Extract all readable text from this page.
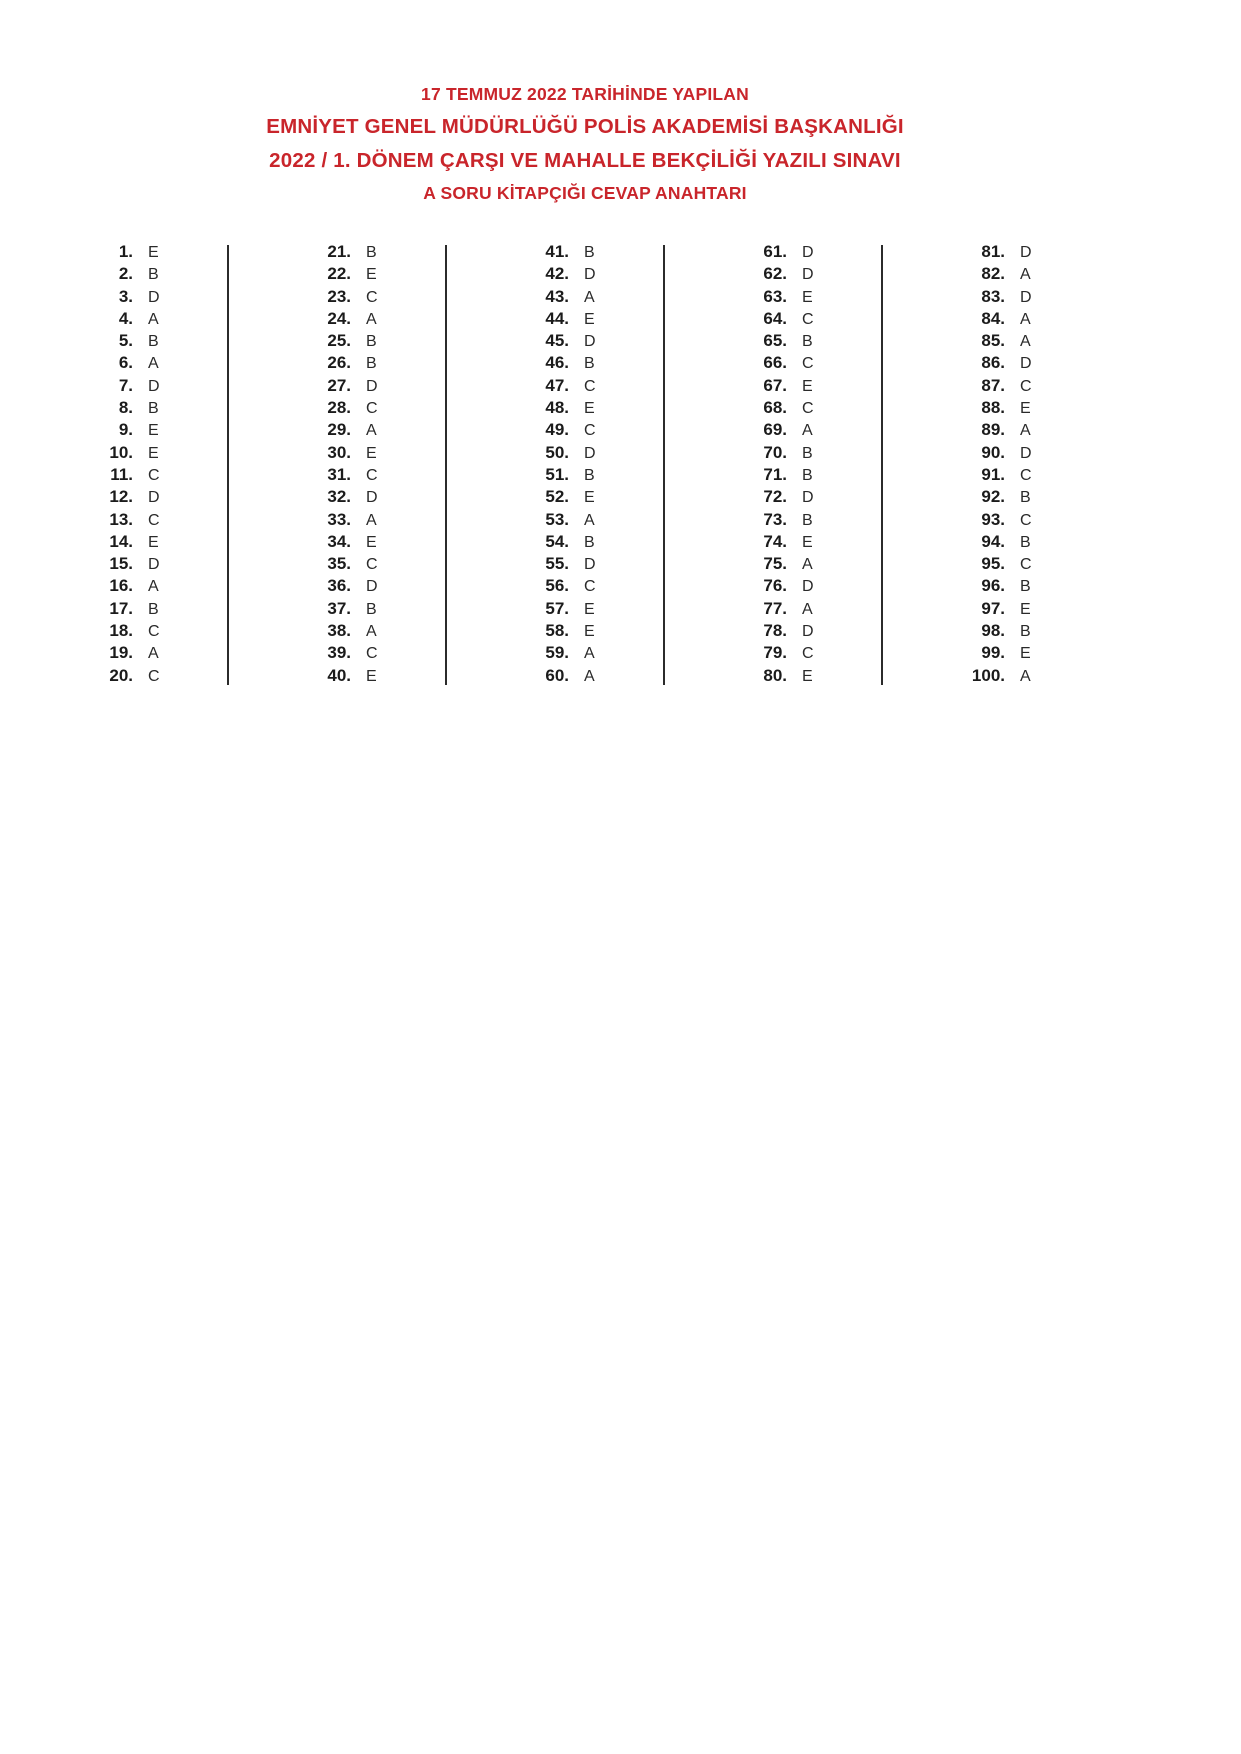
17 TEMMUZ 2022 TARİHİNDE YAPILAN
EMNİYET GENEL MÜDÜRLÜĞÜ POLİS AKADEMİSİ BAŞKANLIĞI
2022 / 1. DÖNEM ÇARŞI VE MAHALLE BEKÇİLİĞİ YAZILI SINAVI
A SORU KİTAPÇIĞI CEVAP ANAHTARI
1. E
2. B
3. D
4. A
5. B
6. A
7. D
8. B
9. E
10. E
11. C
12. D
13. C
14. E
15. D
16. A
17. B
18. C
19. A
20. C
21. B
22. E
23. C
24. A
25. B
26. B
27. D
28. C
29. A
30. E
31. C
32. D
33. A
34. E
35. C
36. D
37. B
38. A
39. C
40. E
41. B
42. D
43. A
44. E
45. D
46. B
47. C
48. E
49. C
50. D
51. B
52. E
53. A
54. B
55. D
56. C
57. E
58. E
59. A
60. A
61. D
62. D
63. E
64. C
65. B
66. C
67. E
68. C
69. A
70. B
71. B
72. D
73. B
74. E
75. A
76. D
77. A
78. D
79. C
80. E
81. D
82. A
83. D
84. A
85. A
86. D
87. C
88. E
89. A
90. D
91. C
92. B
93. C
94. B
95. C
96. B
97. E
98. B
99. E
100. A
